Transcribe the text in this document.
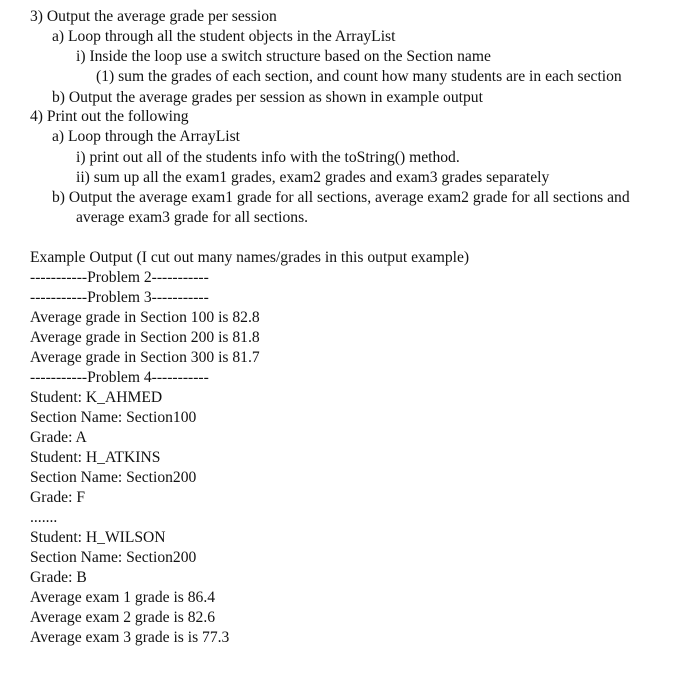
3) Output the average grade per session
a) Loop through all the student objects in the ArrayList
i) Inside the loop use a switch structure based on the Section name
(1) sum the grades of each section, and count how many students are in each section
b) Output the average grades per session as shown in example output
4) Print out the following
a) Loop through the ArrayList
i) print out all of the students info with the toString() method.
ii) sum up all the exam1 grades, exam2 grades and exam3 grades separately
b) Output the average exam1 grade for all sections, average exam2 grade for all sections and
average exam3 grade for all sections.
Example Output (I cut out many names/grades in this output example)
-----------Problem 2-----------
-----------Problem 3-----------
Average grade in Section 100 is 82.8
Average grade in Section 200 is 81.8
Average grade in Section 300 is 81.7
-----------Problem 4-----------
Student: K_AHMED
Section Name: Section100
Grade: A
Student: H_ATKINS
Section Name: Section200
Grade: F
.......
Student: H_WILSON
Section Name: Section200
Grade: B
Average exam 1 grade is 86.4
Average exam 2 grade is 82.6
Average exam 3 grade is is 77.3
